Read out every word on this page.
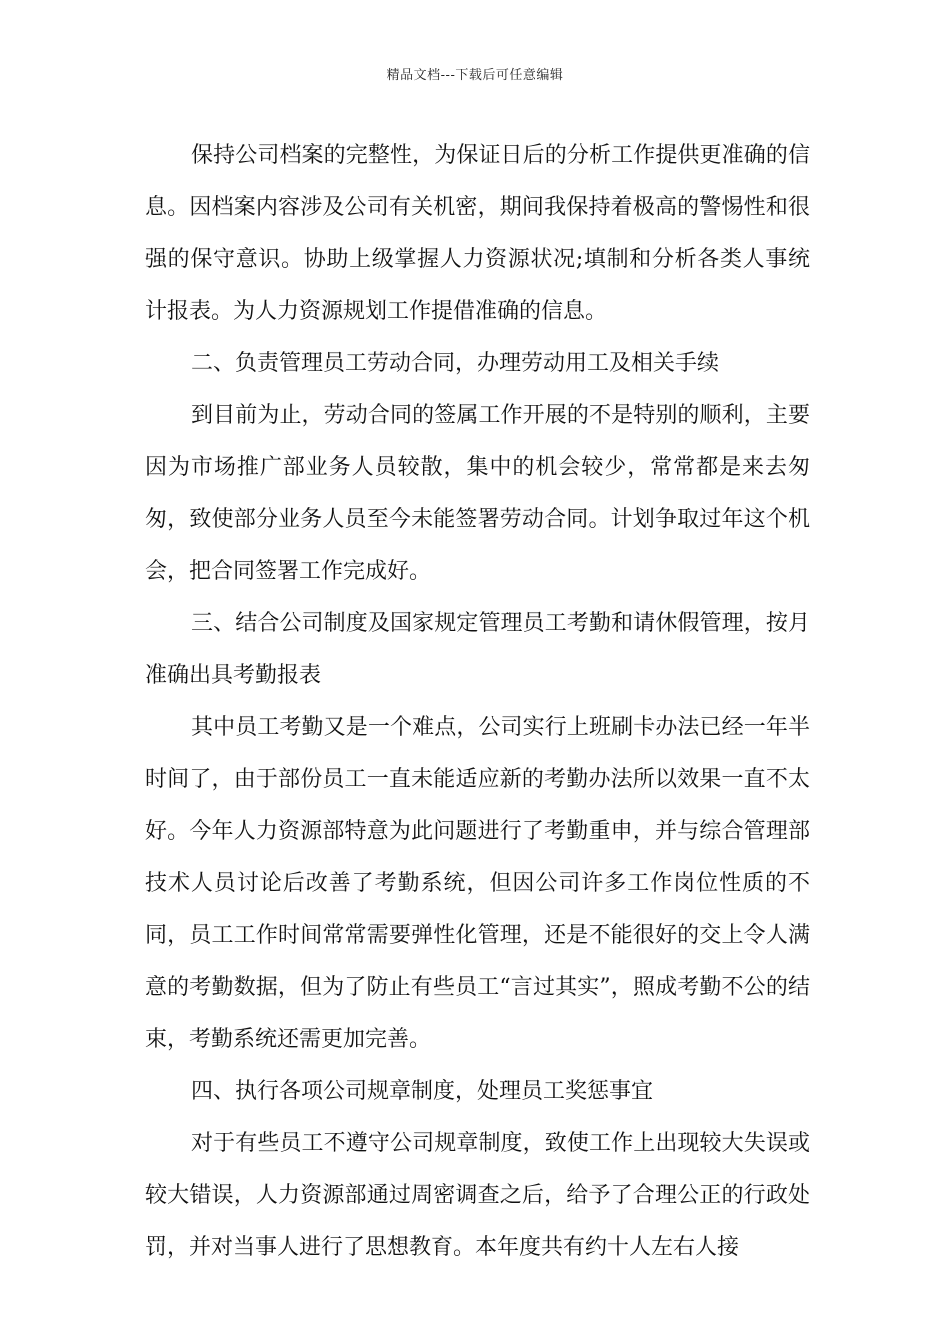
精品文档---下载后可任意编辑

保持公司档案的完整性，为保证日后的分析工作提供更准确的信息。因档案内容涉及公司有关机密，期间我保持着极高的警惕性和很强的保守意识。协助上级掌握人力资源状况;填制和分析各类人事统计报表。为人力资源规划工作提借准确的信息。

二、负责管理员工劳动合同，办理劳动用工及相关手续

到目前为止，劳动合同的签属工作开展的不是特别的顺利，主要因为市场推广部业务人员较散，集中的机会较少，常常都是来去匆匆，致使部分业务人员至今未能签署劳动合同。计划争取过年这个机会，把合同签署工作完成好。

三、结合公司制度及国家规定管理员工考勤和请休假管理，按月准确出具考勤报表

其中员工考勤又是一个难点，公司实行上班刷卡办法已经一年半时间了，由于部份员工一直未能适应新的考勤办法所以效果一直不太好。今年人力资源部特意为此问题进行了考勤重申，并与综合管理部技术人员讨论后改善了考勤系统，但因公司许多工作岗位性质的不同，员工工作时间常常需要弹性化管理，还是不能很好的交上令人满意的考勤数据，但为了防止有些员工“言过其实”，照成考勤不公的结束，考勤系统还需更加完善。

四、执行各项公司规章制度，处理员工奖惩事宜

对于有些员工不遵守公司规章制度，致使工作上出现较大失误或较大错误，人力资源部通过周密调查之后，给予了合理公正的行政处罚，并对当事人进行了思想教育。本年度共有约十人左右人接
